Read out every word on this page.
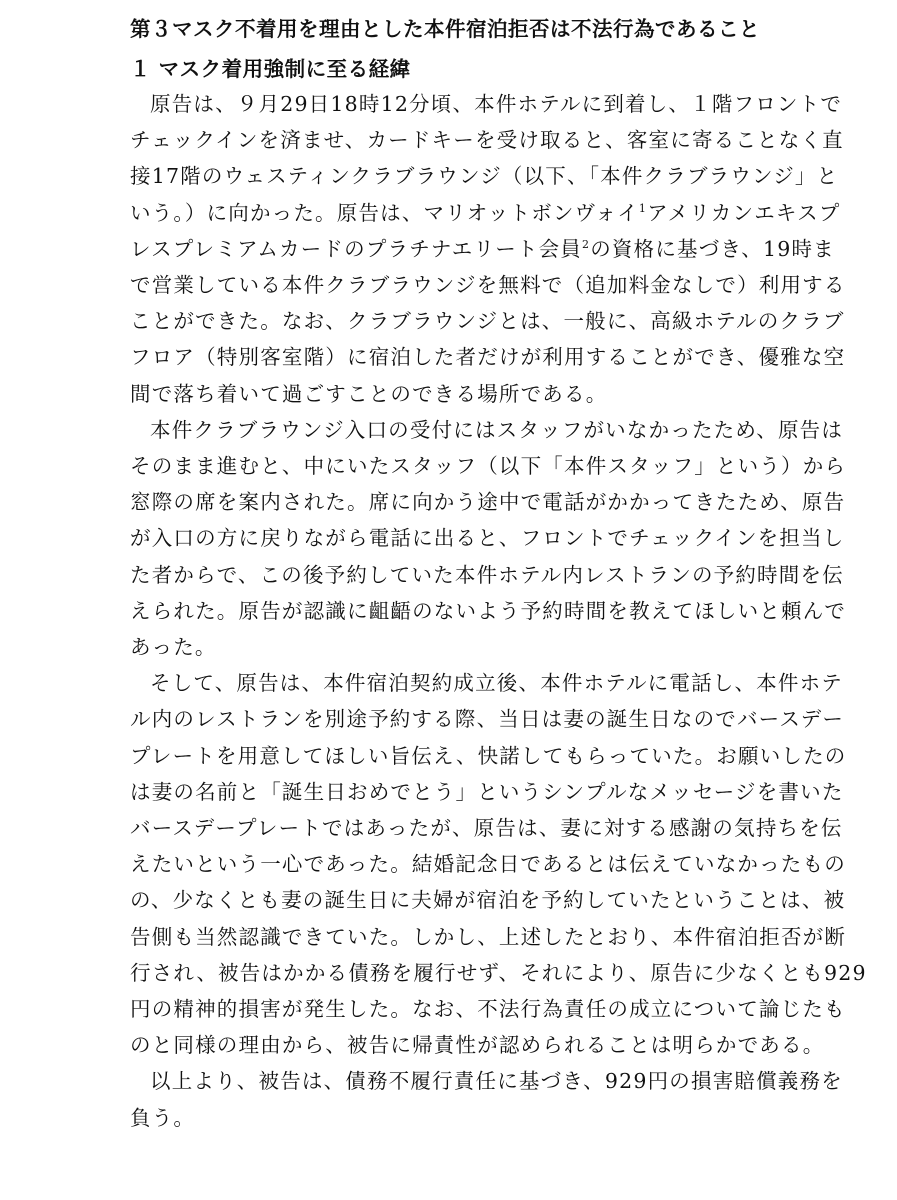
第３マスク不着用を理由とした本件宿泊拒否は不法行為であること
１ マスク着用強制に至る経緯
原告は、９月29日18時12分頃、本件ホテルに到着し、１階フロントで
チェックインを済ませ、カードキーを受け取ると、客室に寄ることなく直
接17階のウェスティンクラブラウンジ（以下、「本件クラブラウンジ」と
いう。）に向かった。原告は、マリオットボンヴォイ$^1$アメリカンエキスプ
レスプレミアムカードのプラチナエリート会員$^2$の資格に基づき、19時ま
で営業している本件クラブラウンジを無料で（追加料金なしで）利用する
ことができた。なお、クラブラウンジとは、一般に、高級ホテルのクラブ
フロア（特別客室階）に宿泊した者だけが利用することができ、優雅な空
間で落ち着いて過ごすことのできる場所である。
本件クラブラウンジ入口の受付にはスタッフがいなかったため、原告は
そのまま進むと、中にいたスタッフ（以下「本件スタッフ」という）から
窓際の席を案内された。席に向かう途中で電話がかかってきたため、原告
が入口の方に戻りながら電話に出ると、フロントでチェックインを担当し
た者からで、この後予約していた本件ホテル内レストランの予約時間を伝
えられた。原告が認識に齟齬のないよう予約時間を教えてほしいと頼んで
あった。
そして、原告は、本件宿泊契約成立後、本件ホテルに電話し、本件ホテ
ル内のレストランを別途予約する際、当日は妻の誕生日なのでバースデー
プレートを用意してほしい旨伝え、快諾してもらっていた。お願いしたの
は妻の名前と「誕生日おめでとう」というシンプルなメッセージを書いた
バースデープレートではあったが、原告は、妻に対する感謝の気持ちを伝
えたいという一心であった。結婚記念日であるとは伝えていなかったもの
の、少なくとも妻の誕生日に夫婦が宿泊を予約していたということは、被
告側も当然認識できていた。しかし、上述したとおり、本件宿泊拒否が断
行され、被告はかかる債務を履行せず、それにより、原告に少なくとも929
円の精神的損害が発生した。なお、不法行為責任の成立について論じたも
のと同様の理由から、被告に帰責性が認められることは明らかである。
以上より、被告は、債務不履行責任に基づき、929円の損害賠償義務を
負う。
